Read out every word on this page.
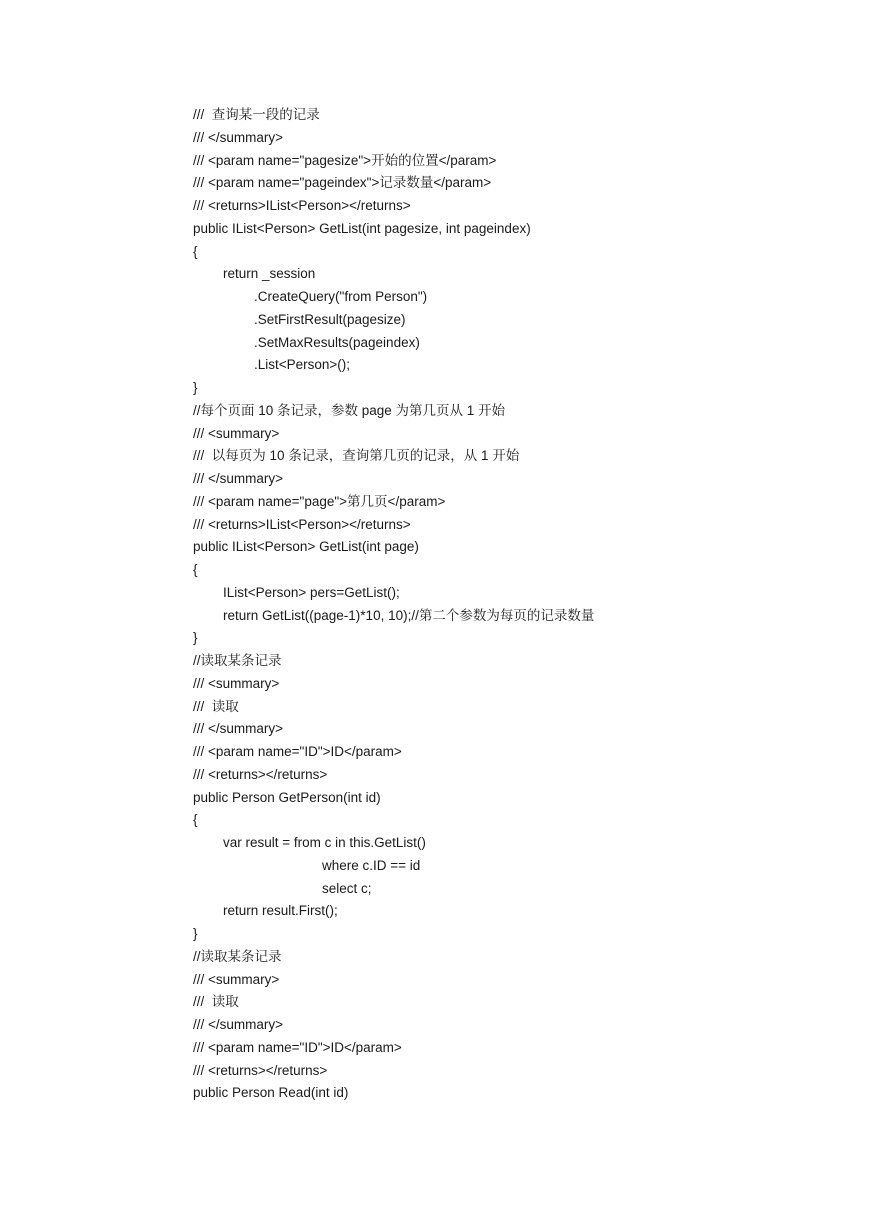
///  查询某一段的记录
/// </summary>
/// <param name="pagesize">开始的位置</param>
/// <param name="pageindex">记录数量</param>
/// <returns>IList<Person></returns>
public IList<Person> GetList(int pagesize, int pageindex)
{
return _session
.CreateQuery("from Person")
.SetFirstResult(pagesize)
.SetMaxResults(pageindex)
.List<Person>();
}
//每个页面 10 条记录，参数 page 为第几页从 1 开始
/// <summary>
///  以每页为 10 条记录，查询第几页的记录，从 1 开始
/// </summary>
/// <param name="page">第几页</param>
/// <returns>IList<Person></returns>
public IList<Person> GetList(int page)
{
IList<Person> pers=GetList();
return GetList((page-1)*10, 10);//第二个参数为每页的记录数量
}
//读取某条记录
/// <summary>
///  读取
/// </summary>
/// <param name="ID">ID</param>
/// <returns></returns>
public Person GetPerson(int id)
{
var result = from c in this.GetList()
where c.ID == id
select c;
return result.First();
}
//读取某条记录
/// <summary>
///  读取
/// </summary>
/// <param name="ID">ID</param>
/// <returns></returns>
public Person Read(int id)
